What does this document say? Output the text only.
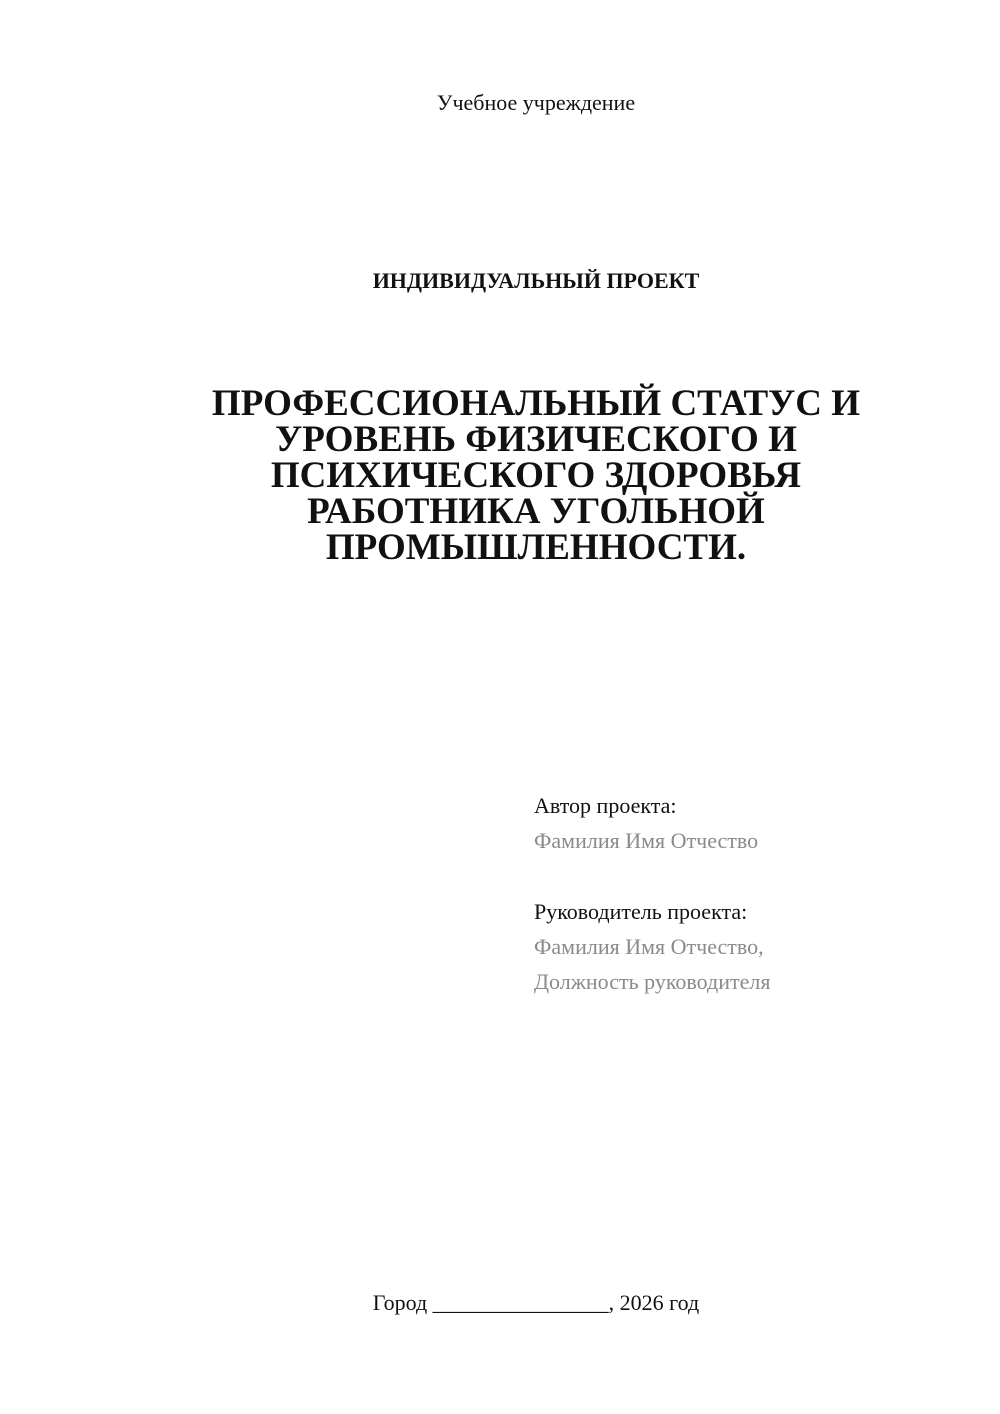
Учебное учреждение
ИНДИВИДУАЛЬНЫЙ ПРОЕКТ
ПРОФЕССИОНАЛЬНЫЙ СТАТУС И
УРОВЕНЬ ФИЗИЧЕСКОГО И
ПСИХИЧЕСКОГО ЗДОРОВЬЯ
РАБОТНИКА УГОЛЬНОЙ
ПРОМЫШЛЕННОСТИ.
Автор проекта:
Фамилия Имя Отчество
Руководитель проекта:
Фамилия Имя Отчество,
Должность руководителя
Город ________________, 2026 год
